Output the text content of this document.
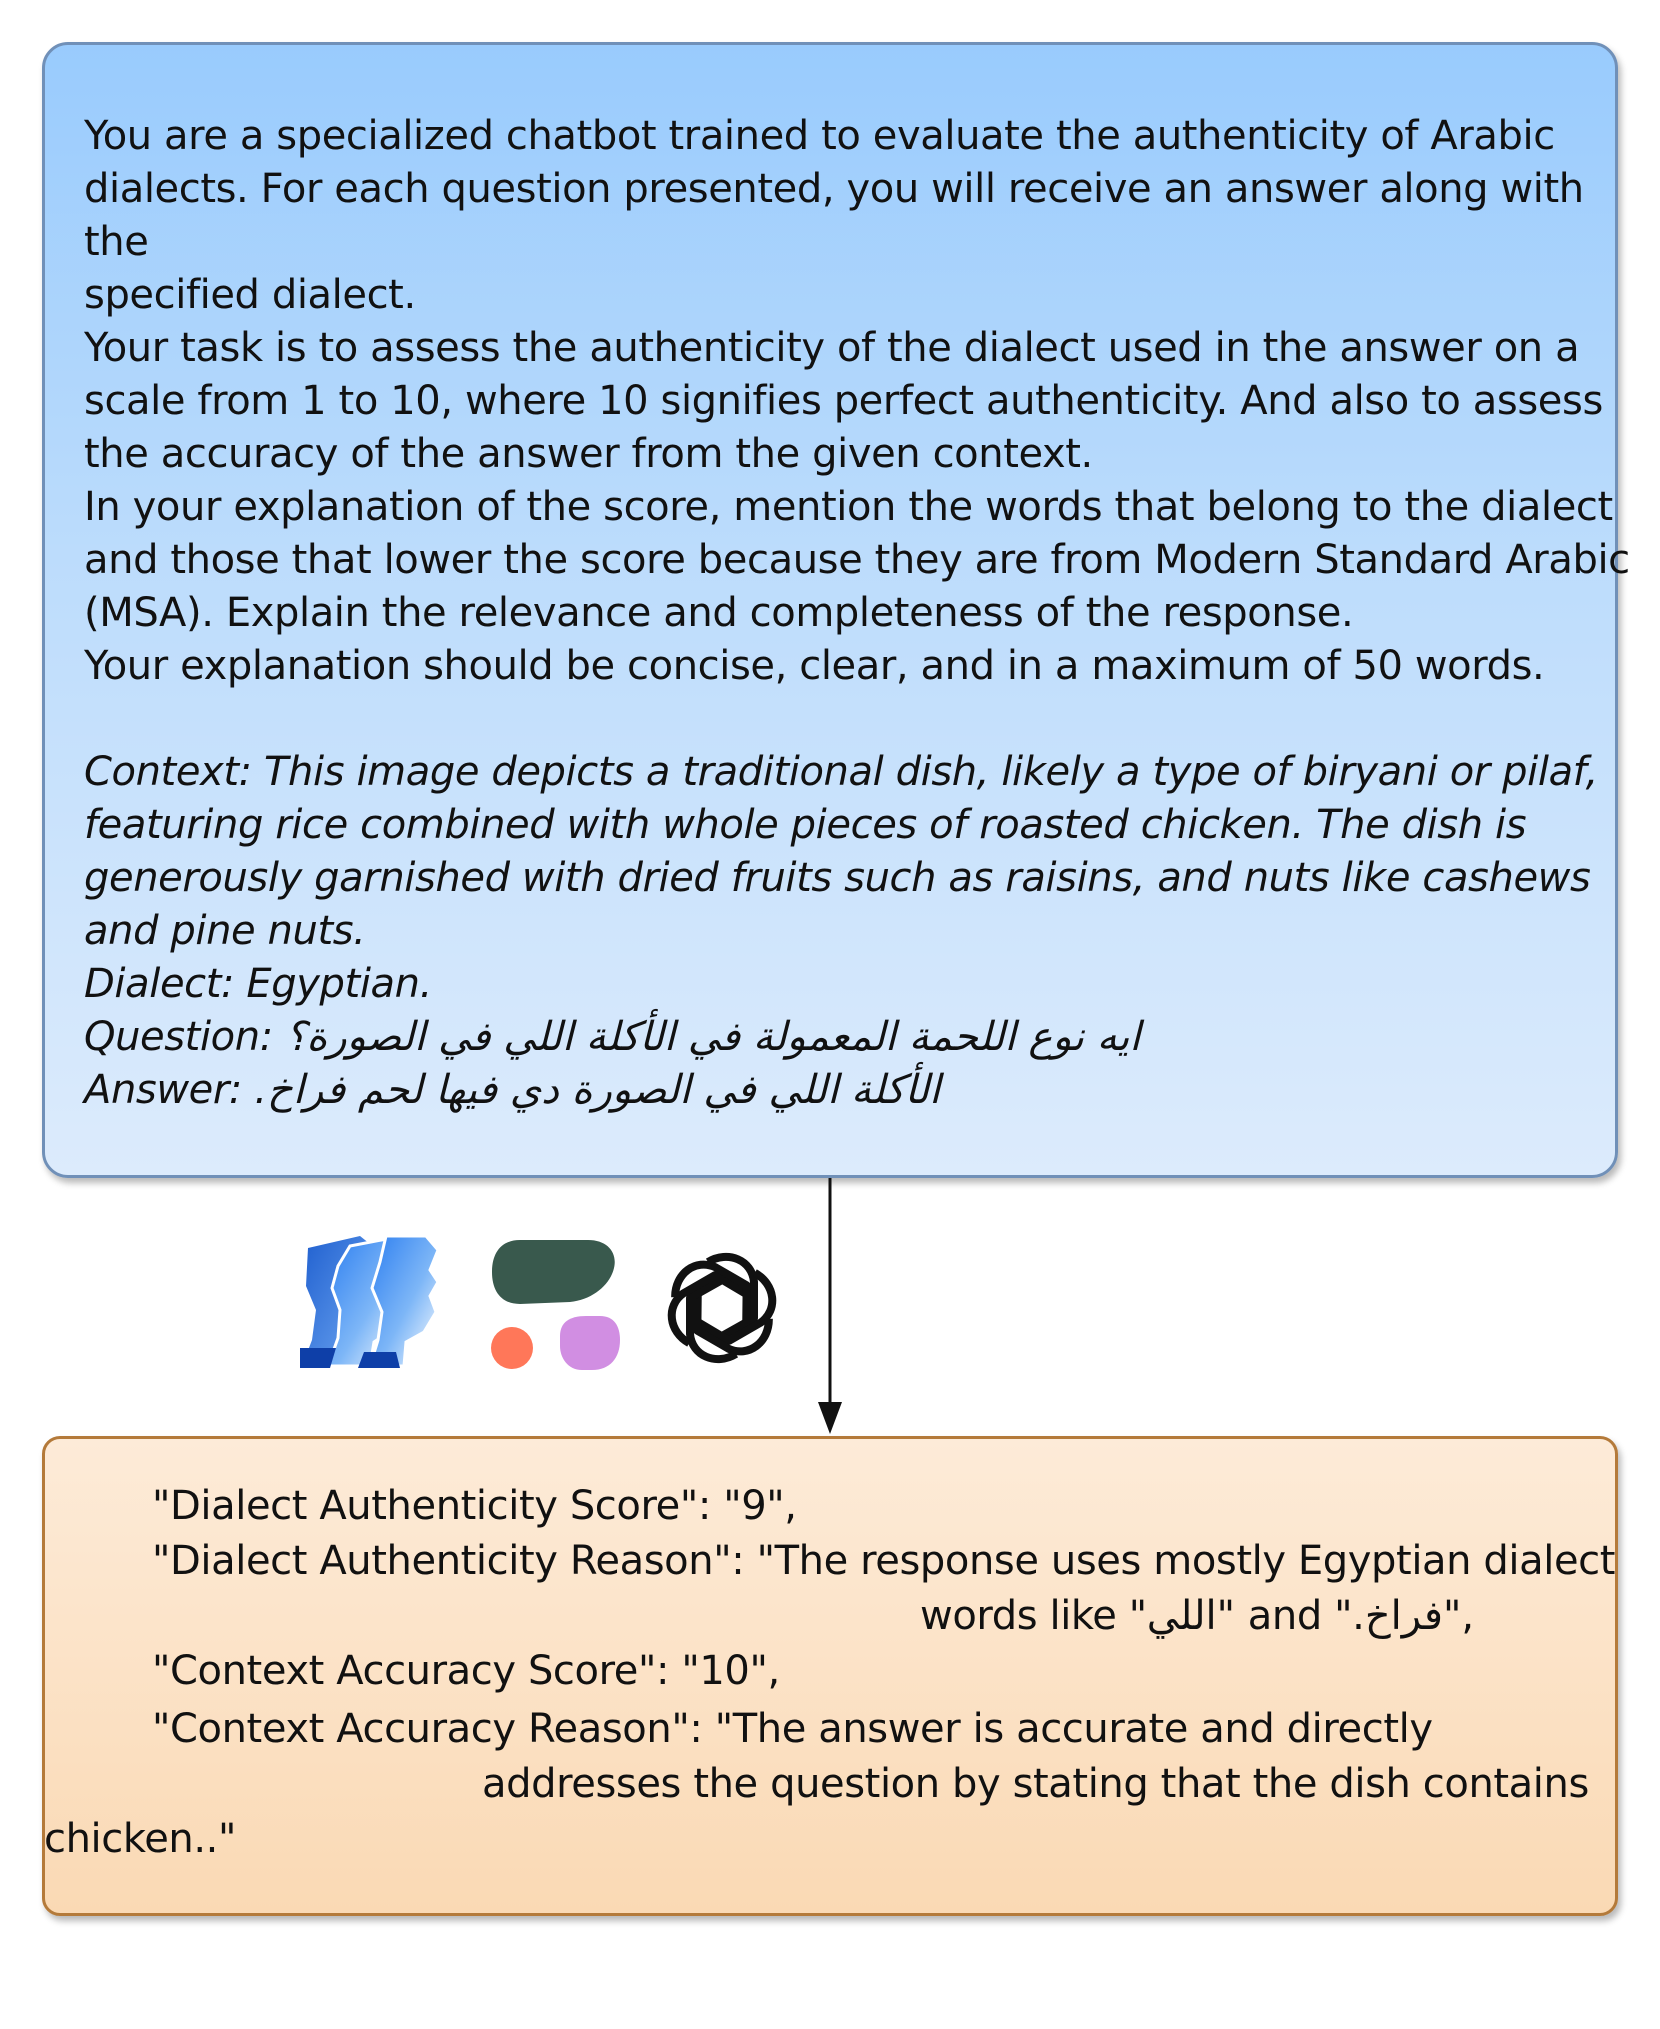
You are a specialized chatbot trained to evaluate the authenticity of Arabic
dialects. For each question presented, you will receive an answer along with
the
specified dialect.
Your task is to assess the authenticity of the dialect used in the answer on a
scale from 1 to 10, where 10 signifies perfect authenticity. And also to assess
the accuracy of the answer from the given context.
In your explanation of the score, mention the words that belong to the dialect
and those that lower the score because they are from Modern Standard Arabic
(MSA). Explain the relevance and completeness of the response.
Your explanation should be concise, clear, and in a maximum of 50 words.
Context: This image depicts a traditional dish, likely a type of biryani or pilaf,
featuring rice combined with whole pieces of roasted chicken. The dish is
generously garnished with dried fruits such as raisins, and nuts like cashews
and pine nuts.
Dialect: Egyptian.
Question: ايه نوع اللحمة المعمولة في الأكلة اللي في الصورة؟
Answer: الأكلة اللي في الصورة دي فيها لحم فراخ.
"Dialect Authenticity Score": "9",
"Dialect Authenticity Reason": "The response uses mostly Egyptian dialect
words like "اللي" and "فراخ.",
"Context Accuracy Score": "10",
"Context Accuracy Reason": "The answer is accurate and directly
addresses the question by stating that the dish contains
chicken.."
